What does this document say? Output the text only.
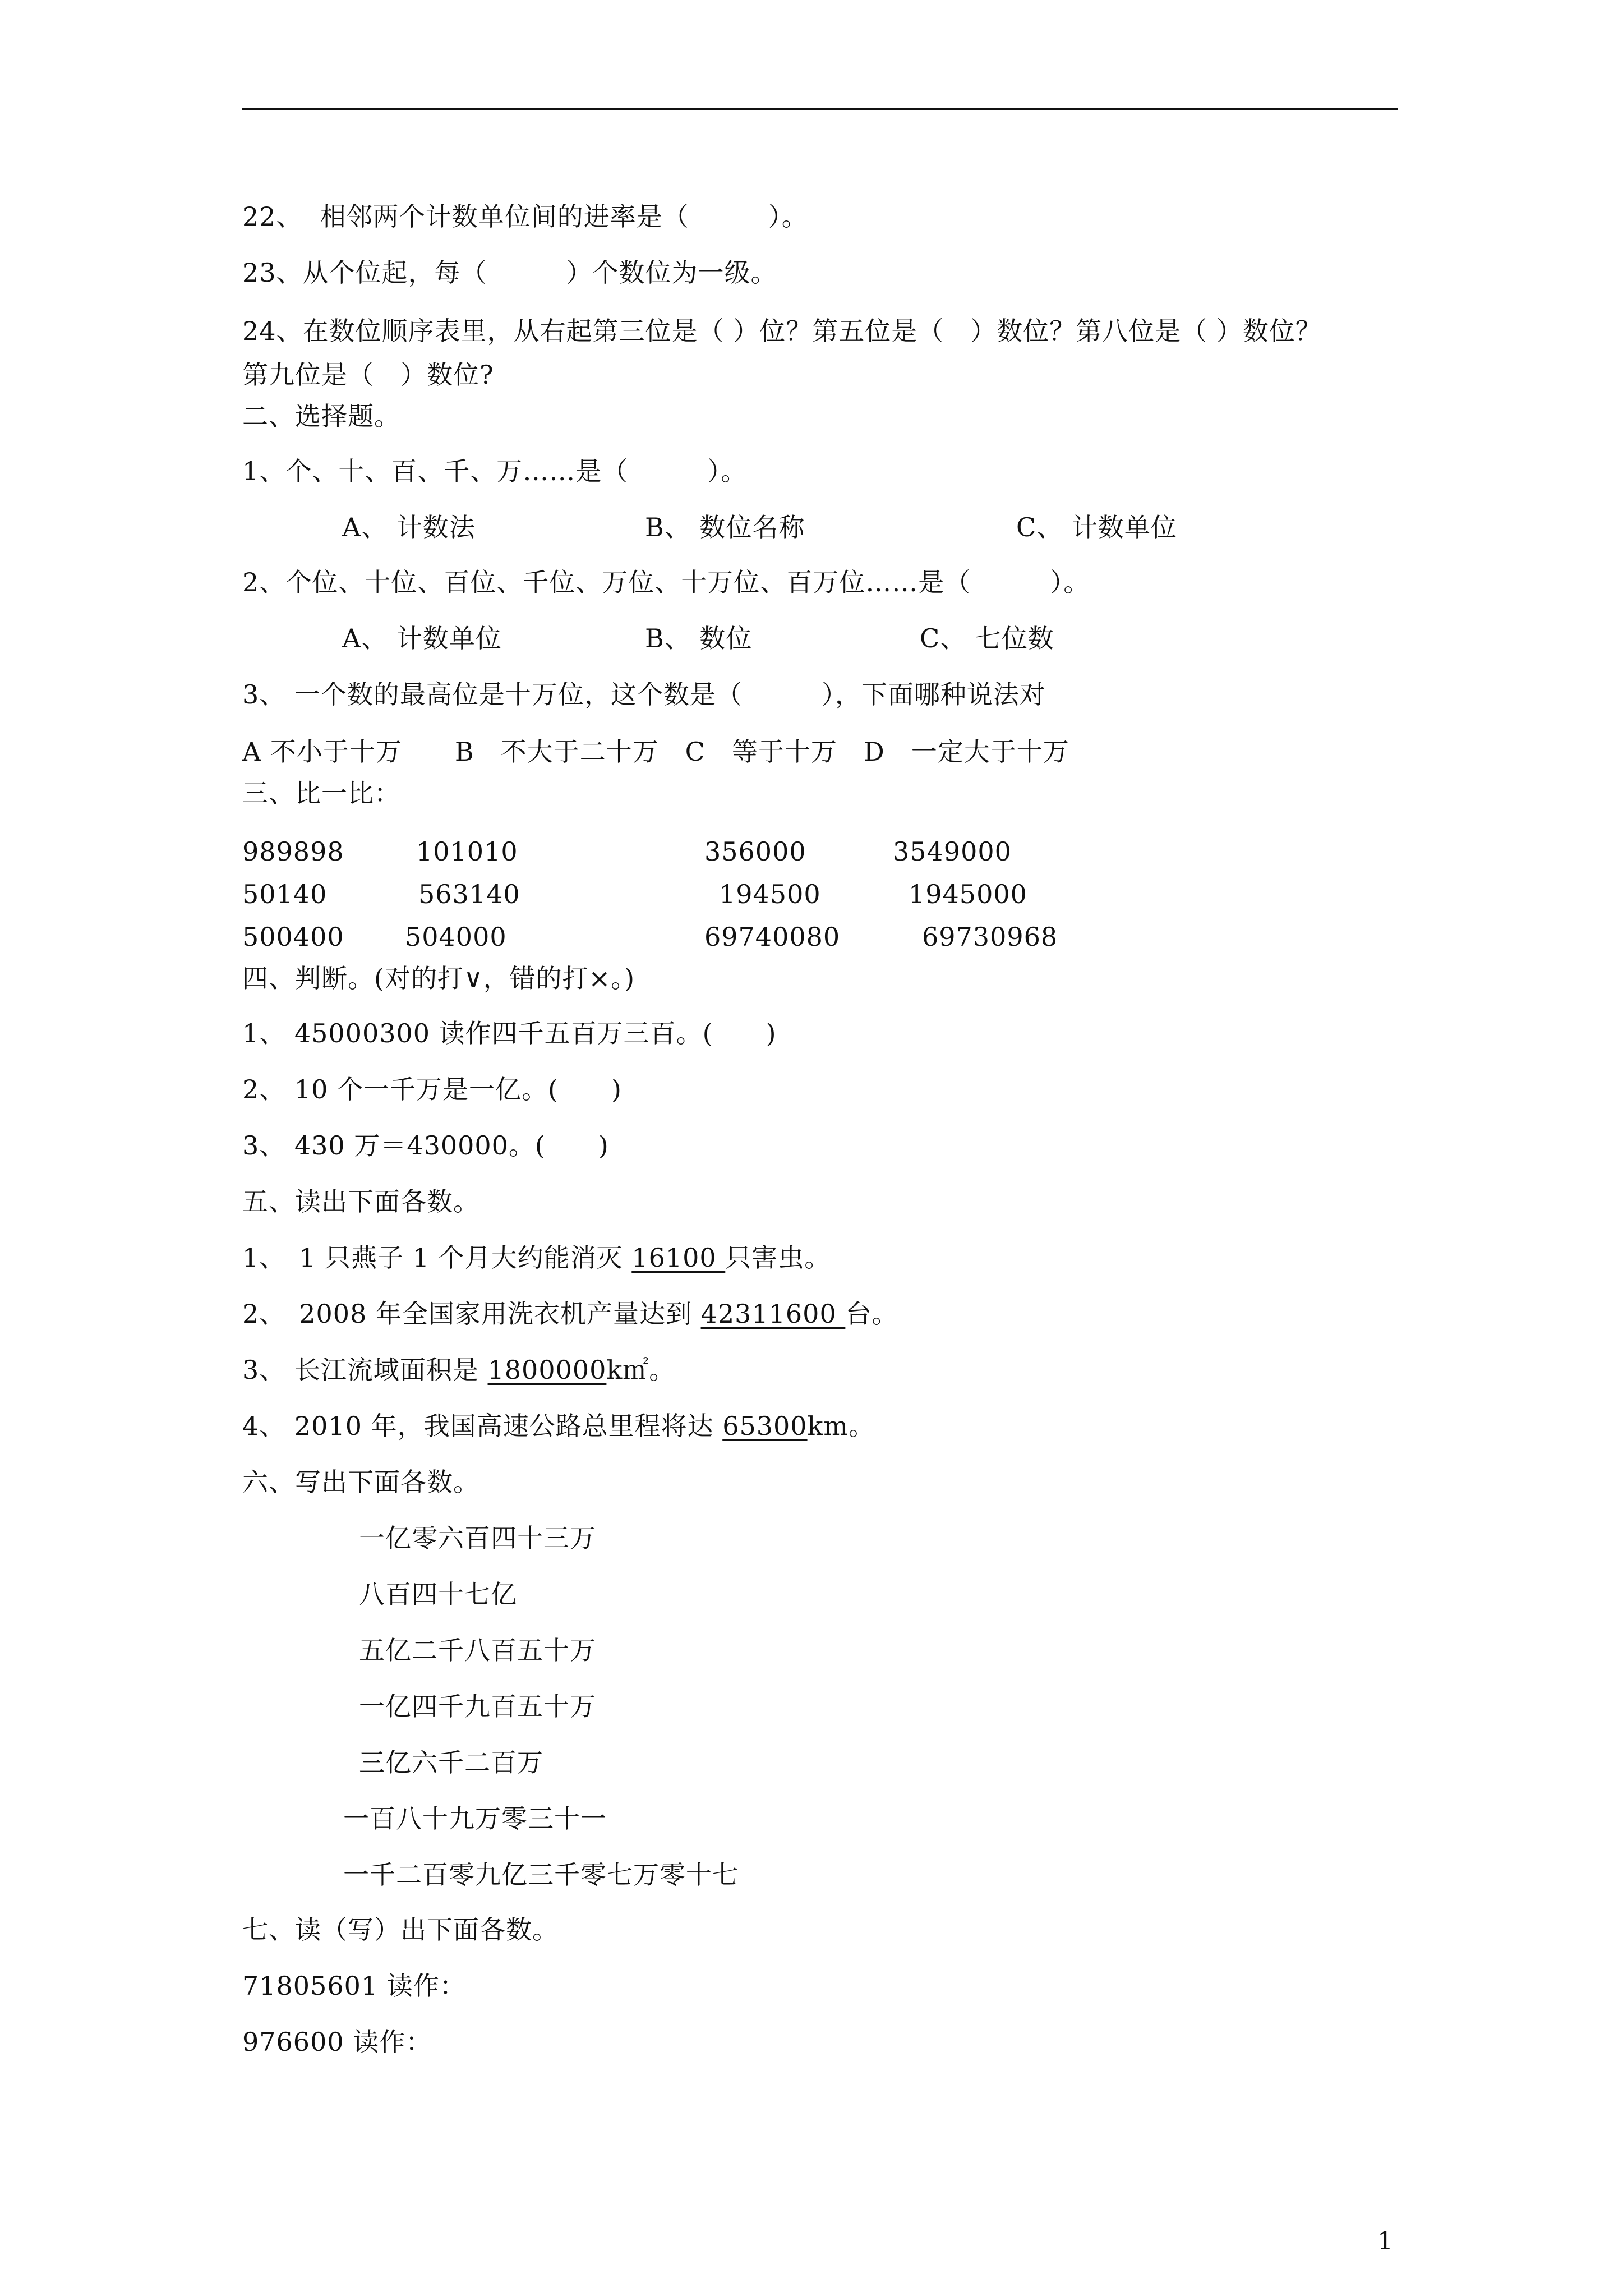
22、  相邻两个计数单位间的进率是（　　　）。
23、从个位起，每（　　　）个数位为一级。
24、在数位顺序表里，从右起第三位是（ ）位？第五位是（　）数位？第八位是（ ）数位？
第九位是（　）数位?
二、选择题。
1、个、十、百、千、万……是（　　　）。
A、 计数法	B、 数位名称	C、 计数单位
2、个位、十位、百位、千位、万位、十万位、百万位……是（　　　）。
A、 计数单位	B、 数位	C、 七位数
3、 一个数的最高位是十万位，这个数是（　　　），下面哪种说法对
A 不小于十万　　B　不大于二十万　C　等于十万　D　一定大于十万
三、比一比：
989898	101010	356000	3549000
50140	563140	194500	1945000
500400 504000	69740080	69730968
四、判断。(对的打∨，错的打×。)
1、 45000300 读作四千五百万三百。(　　)
2、 10 个一千万是一亿。(　　)
3、 430 万＝430000。(　　)
五、读出下面各数。
1、　1 只燕子 1 个月大约能消灭 16100 只害虫。
2、　2008 年全国家用洗衣机产量达到 42311600 台。
3、 长江流域面积是 1800000k㎡。
4、 2010 年，我国高速公路总里程将达 65300km。
六、写出下面各数。
一亿零六百四十三万
八百四十七亿
五亿二千八百五十万
一亿四千九百五十万
三亿六千二百万
一百八十九万零三十一
一千二百零九亿三千零七万零十七
七、读（写）出下面各数。
71805601 读作：
976600 读作：
1
